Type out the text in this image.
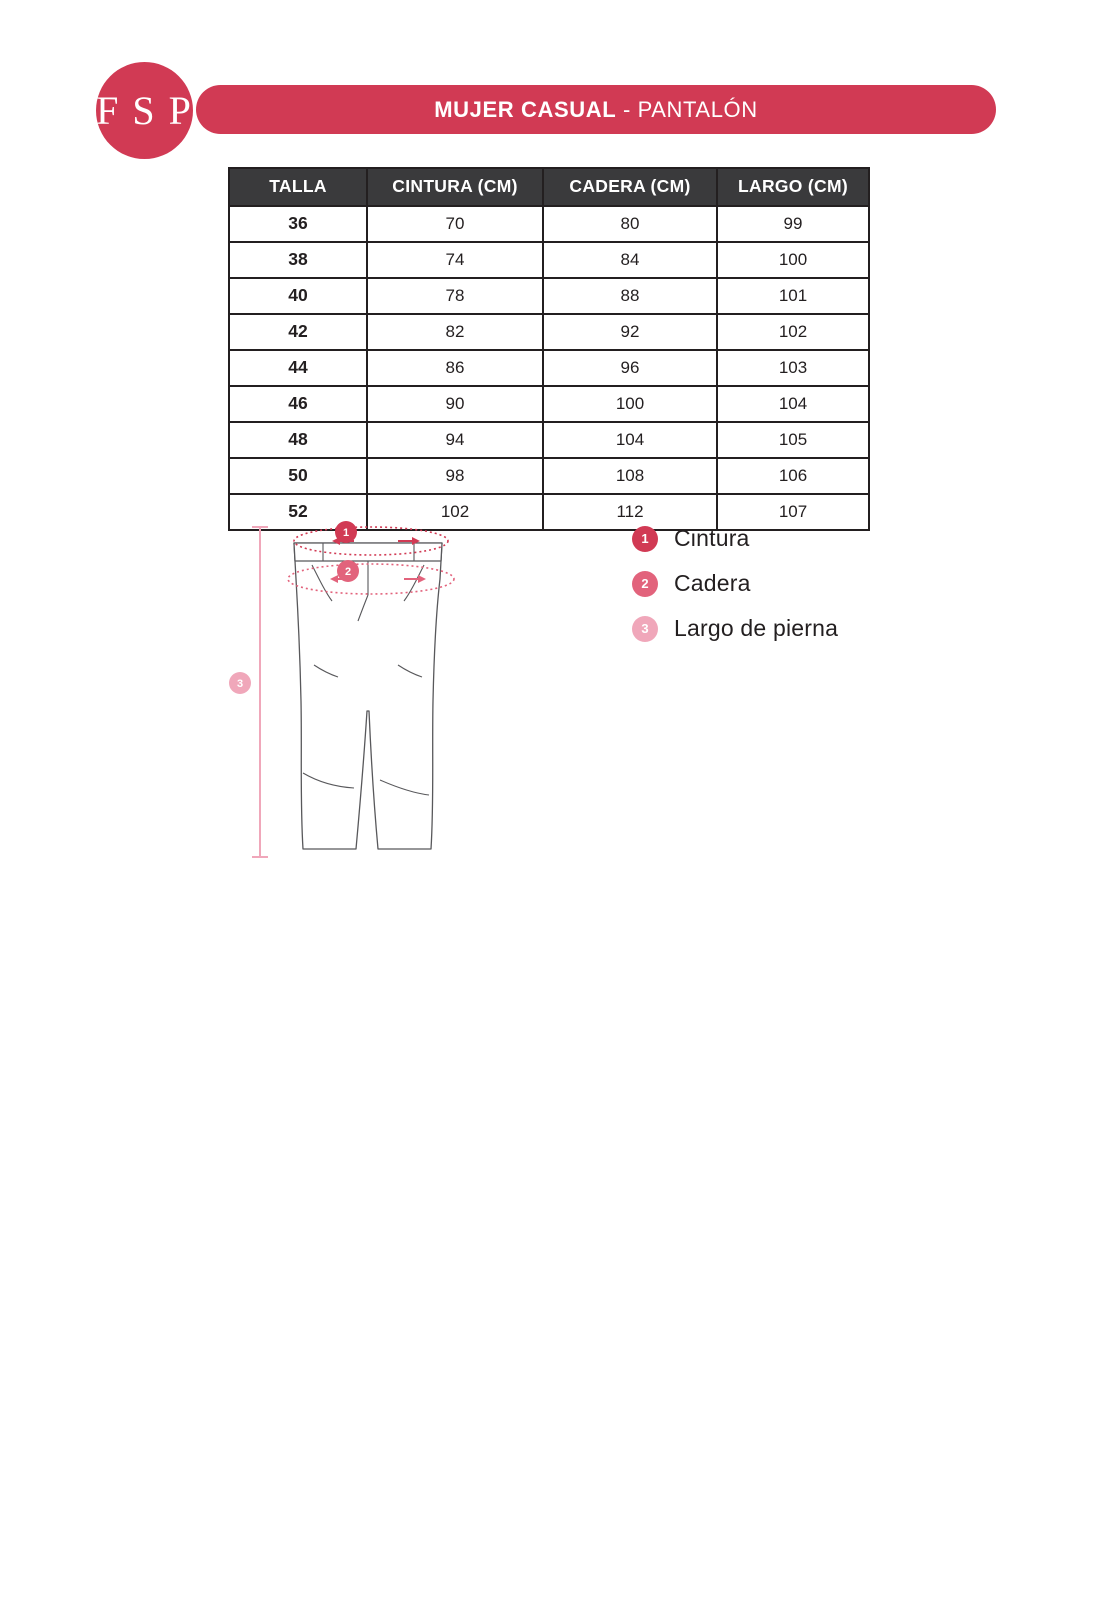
MUJER CASUAL - PANTALÓN
F S P
TALLA	CINTURA (CM)	CADERA (CM)	LARGO (CM)
36	70	80	99
38	74	84	100
40	78	88	101
42	82	92	102
44	86	96	103
46	90	100	104
48	94	104	105
50	98	108	106
52	102	112	107
1
2
3
1	Cintura
2	Cadera
3	Largo de pierna
